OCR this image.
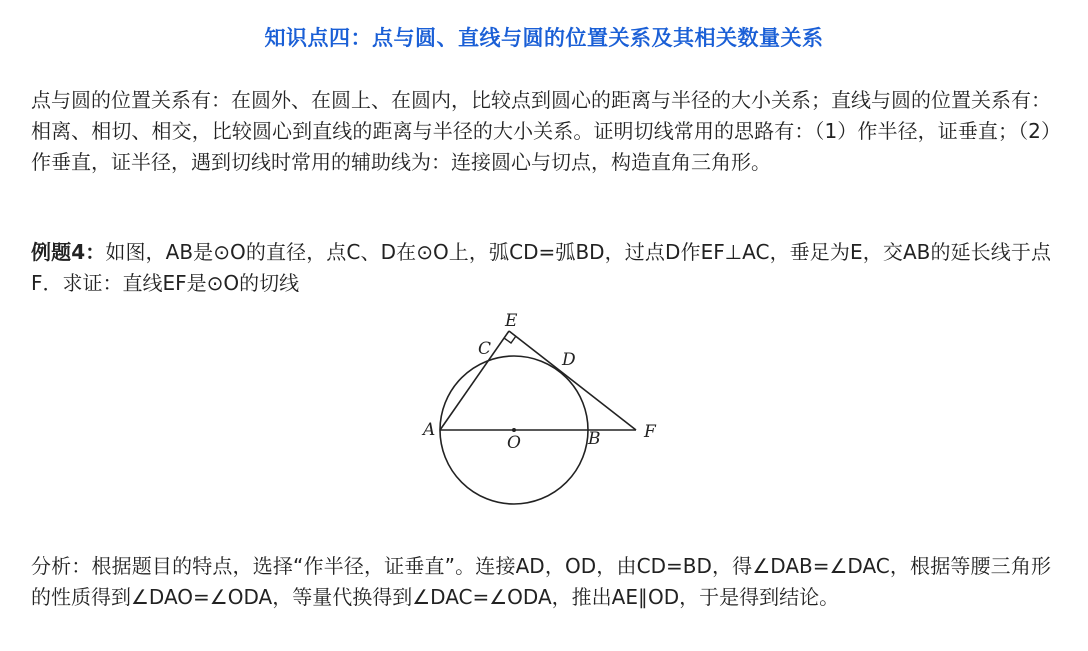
知识点四：点与圆、直线与圆的位置关系及其相关数量关系
点与圆的位置关系有：在圆外、在圆上、在圆内，比较点到圆心的距离与半径的大小关系；直线与圆的位置关系有：相离、相切、相交，比较圆心到直线的距离与半径的大小关系。证明切线常用的思路有：（1）作半径，证垂直；（2）作垂直，证半径，遇到切线时常用的辅助线为：连接圆心与切点，构造直角三角形。
例题4：如图，AB是⊙O的直径，点C、D在⊙O上，弧CD=弧BD，过点D作EF⊥AC，垂足为E，交AB的延长线于点F．求证：直线EF是⊙O的切线
E
C
D
A
O	B	F
分析：根据题目的特点，选择“作半径，证垂直”。连接AD，OD，由CD=BD，得∠DAB=∠DAC，根据等腰三角形的性质得到∠DAO=∠ODA，等量代换得到∠DAC=∠ODA，推出AE∥OD，于是得到结论。
